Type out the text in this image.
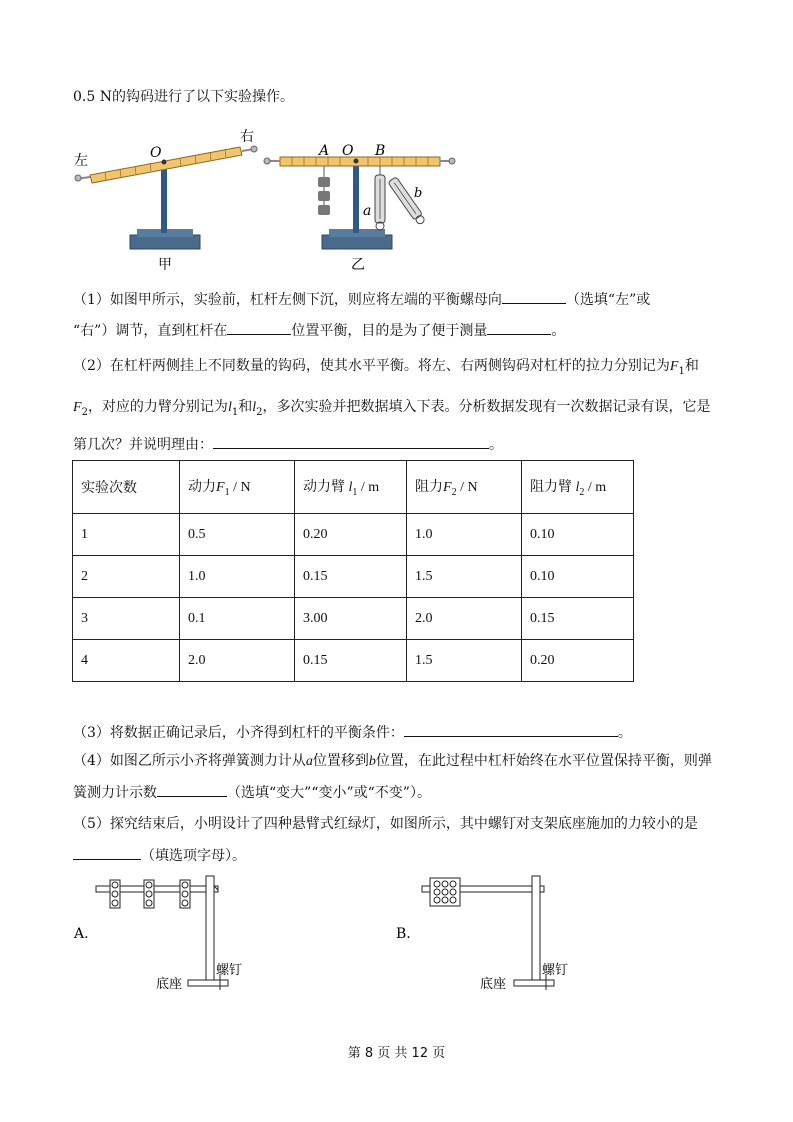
0.5 N的钩码进行了以下实验操作。
左
右
O
甲
A O B
a
b
乙
（1）如图甲所示，实验前，杠杆左侧下沉，则应将左端的平衡螺母向	（选填“左”或
“右”）调节，直到杠杆在	位置平衡，目的是为了便于测量	。
（2）在杠杆两侧挂上不同数量的钩码，使其水平平衡。将左、右两侧钩码对杠杆的拉力分别记为$F_1$和
$F_2$，对应的力臂分别记为$l_1$和$l_2$，多次实验并把数据填入下表。分析数据发现有一次数据记录有误，它是
第几次？并说明理由：	。
实验次数	动力$F_1$ / N	动力臂 $l_1$ / m	阻力$F_2$ / N	阻力臂 $l_2$ / m
1	0.5	0.20	1.0	0.10
2	1.0	0.15	1.5	0.10
3	0.1	3.00	2.0	0.15
4	2.0	0.15	1.5	0.20
（3）将数据正确记录后，小齐得到杠杆的平衡条件：	。
（4）如图乙所示小齐将弹簧测力计从a位置移到b位置，在此过程中杠杆始终在水平位置保持平衡，则弹
簧测力计示数	（选填“变大”“变小”或“不变”）。
（5）探究结束后，小明设计了四种悬臂式红绿灯，如图所示，其中螺钉对支架底座施加的力较小的是
（填选项字母）。
A.
螺钉
底座
B.
螺钉
底座
第 8 页 共 12 页
